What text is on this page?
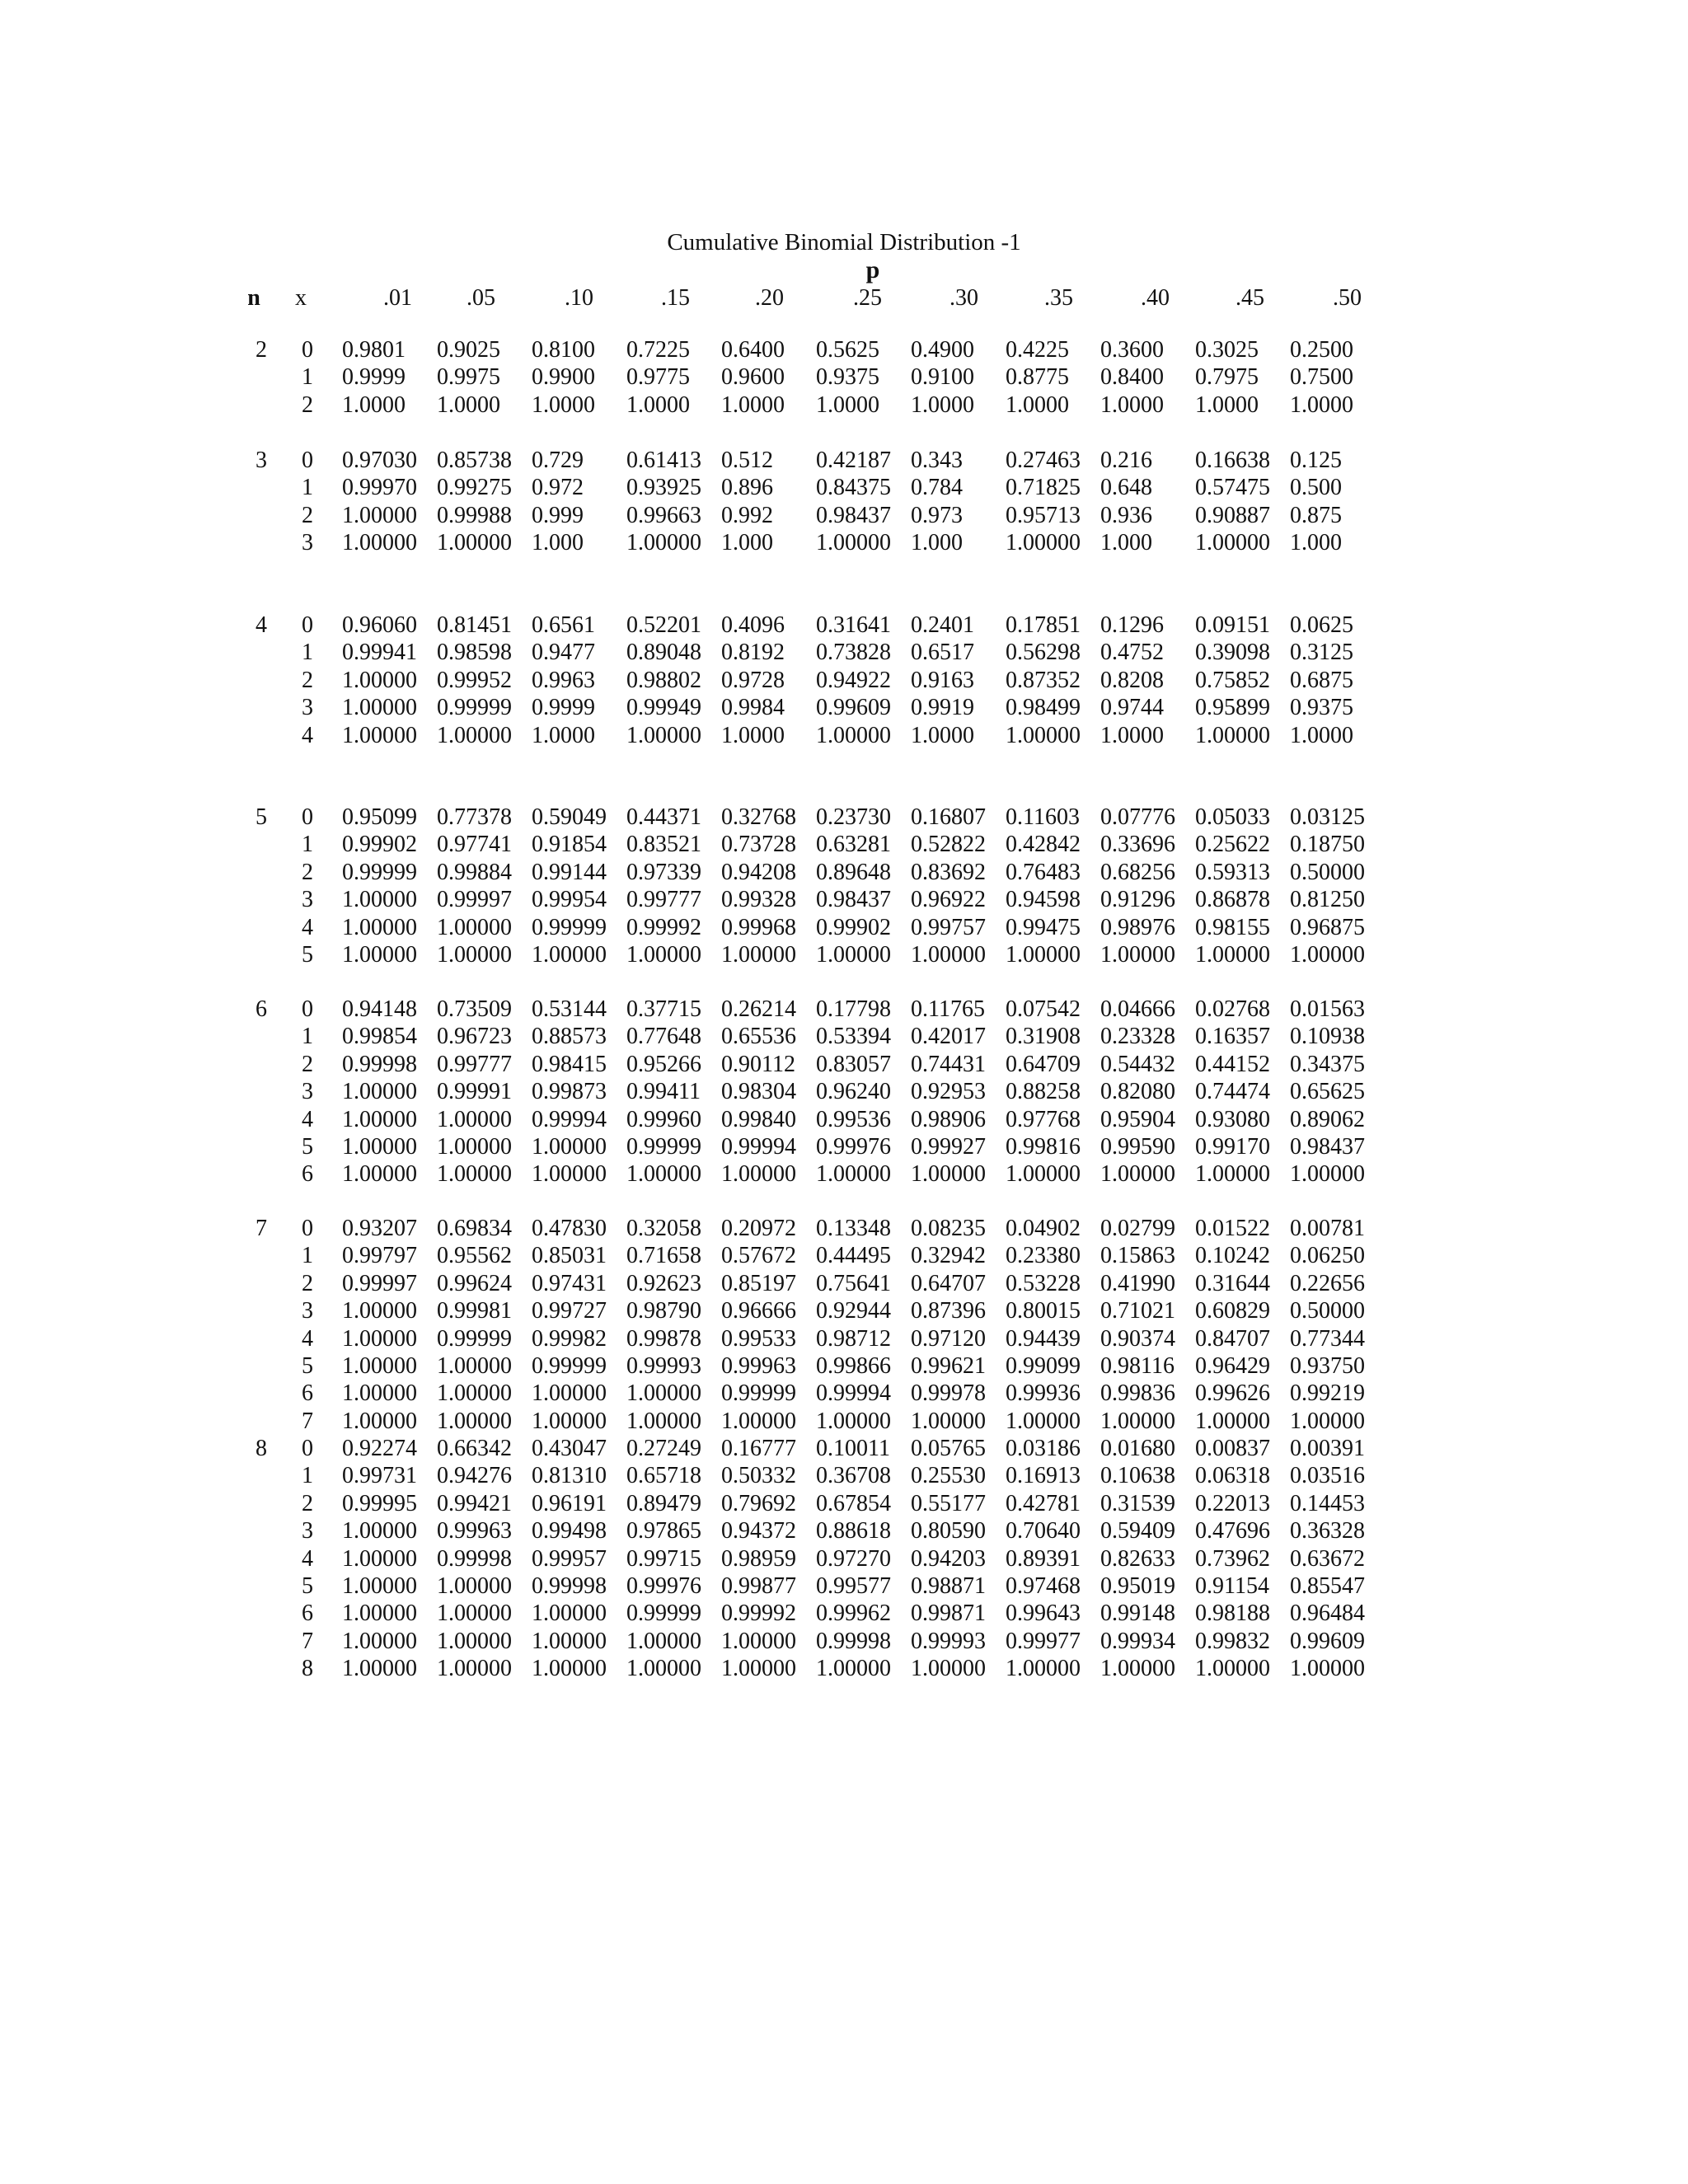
Cumulative Binomial Distribution -1
p
n x	.01	.05	.10	.15	.20	.25	.30	.35	.40	.45	.50
2	0 0.9801 0.9025 0.8100 0.7225 0.6400 0.5625 0.4900 0.4225 0.3600 0.3025 0.2500
1 0.9999 0.9975 0.9900 0.9775 0.9600 0.9375 0.9100 0.8775 0.8400 0.7975 0.7500
2 1.0000 1.0000 1.0000 1.0000 1.0000 1.0000 1.0000 1.0000 1.0000 1.0000 1.0000
3	0 0.97030 0.85738 0.729 0.61413 0.512 0.42187 0.343 0.27463 0.216 0.16638 0.125
1 0.99970 0.99275 0.972 0.93925 0.896 0.84375 0.784 0.71825 0.648 0.57475 0.500
2 1.00000 0.99988 0.999 0.99663 0.992 0.98437 0.973 0.95713 0.936 0.90887 0.875
3 1.00000 1.00000 1.000 1.00000 1.000 1.00000 1.000 1.00000 1.000 1.00000 1.000
4	0 0.96060 0.81451 0.6561 0.52201 0.4096 0.31641 0.2401 0.17851 0.1296 0.09151 0.0625
1 0.99941 0.98598 0.9477 0.89048 0.8192 0.73828 0.6517 0.56298 0.4752 0.39098 0.3125
2 1.00000 0.99952 0.9963 0.98802 0.9728 0.94922 0.9163 0.87352 0.8208 0.75852 0.6875
3 1.00000 0.99999 0.9999 0.99949 0.9984 0.99609 0.9919 0.98499 0.9744 0.95899 0.9375
4 1.00000 1.00000 1.0000 1.00000 1.0000 1.00000 1.0000 1.00000 1.0000 1.00000 1.0000
5	0 0.95099 0.77378 0.59049 0.44371 0.32768 0.23730 0.16807 0.11603 0.07776 0.05033 0.03125
1 0.99902 0.97741 0.91854 0.83521 0.73728 0.63281 0.52822 0.42842 0.33696 0.25622 0.18750
2 0.99999 0.99884 0.99144 0.97339 0.94208 0.89648 0.83692 0.76483 0.68256 0.59313 0.50000
3 1.00000 0.99997 0.99954 0.99777 0.99328 0.98437 0.96922 0.94598 0.91296 0.86878 0.81250
4 1.00000 1.00000 0.99999 0.99992 0.99968 0.99902 0.99757 0.99475 0.98976 0.98155 0.96875
5 1.00000 1.00000 1.00000 1.00000 1.00000 1.00000 1.00000 1.00000 1.00000 1.00000 1.00000
6	0 0.94148 0.73509 0.53144 0.37715 0.26214 0.17798 0.11765 0.07542 0.04666 0.02768 0.01563
1 0.99854 0.96723 0.88573 0.77648 0.65536 0.53394 0.42017 0.31908 0.23328 0.16357 0.10938
2 0.99998 0.99777 0.98415 0.95266 0.90112 0.83057 0.74431 0.64709 0.54432 0.44152 0.34375
3 1.00000 0.99991 0.99873 0.99411 0.98304 0.96240 0.92953 0.88258 0.82080 0.74474 0.65625
4 1.00000 1.00000 0.99994 0.99960 0.99840 0.99536 0.98906 0.97768 0.95904 0.93080 0.89062
5 1.00000 1.00000 1.00000 0.99999 0.99994 0.99976 0.99927 0.99816 0.99590 0.99170 0.98437
6 1.00000 1.00000 1.00000 1.00000 1.00000 1.00000 1.00000 1.00000 1.00000 1.00000 1.00000
7	0 0.93207 0.69834 0.47830 0.32058 0.20972 0.13348 0.08235 0.04902 0.02799 0.01522 0.00781
1 0.99797 0.95562 0.85031 0.71658 0.57672 0.44495 0.32942 0.23380 0.15863 0.10242 0.06250
2 0.99997 0.99624 0.97431 0.92623 0.85197 0.75641 0.64707 0.53228 0.41990 0.31644 0.22656
3 1.00000 0.99981 0.99727 0.98790 0.96666 0.92944 0.87396 0.80015 0.71021 0.60829 0.50000
4 1.00000 0.99999 0.99982 0.99878 0.99533 0.98712 0.97120 0.94439 0.90374 0.84707 0.77344
5 1.00000 1.00000 0.99999 0.99993 0.99963 0.99866 0.99621 0.99099 0.98116 0.96429 0.93750
6 1.00000 1.00000 1.00000 1.00000 0.99999 0.99994 0.99978 0.99936 0.99836 0.99626 0.99219
7 1.00000 1.00000 1.00000 1.00000 1.00000 1.00000 1.00000 1.00000 1.00000 1.00000 1.00000
8	0 0.92274 0.66342 0.43047 0.27249 0.16777 0.10011 0.05765 0.03186 0.01680 0.00837 0.00391
1 0.99731 0.94276 0.81310 0.65718 0.50332 0.36708 0.25530 0.16913 0.10638 0.06318 0.03516
2 0.99995 0.99421 0.96191 0.89479 0.79692 0.67854 0.55177 0.42781 0.31539 0.22013 0.14453
3 1.00000 0.99963 0.99498 0.97865 0.94372 0.88618 0.80590 0.70640 0.59409 0.47696 0.36328
4 1.00000 0.99998 0.99957 0.99715 0.98959 0.97270 0.94203 0.89391 0.82633 0.73962 0.63672
5 1.00000 1.00000 0.99998 0.99976 0.99877 0.99577 0.98871 0.97468 0.95019 0.91154 0.85547
6 1.00000 1.00000 1.00000 0.99999 0.99992 0.99962 0.99871 0.99643 0.99148 0.98188 0.96484
7 1.00000 1.00000 1.00000 1.00000 1.00000 0.99998 0.99993 0.99977 0.99934 0.99832 0.99609
8 1.00000 1.00000 1.00000 1.00000 1.00000 1.00000 1.00000 1.00000 1.00000 1.00000 1.00000
